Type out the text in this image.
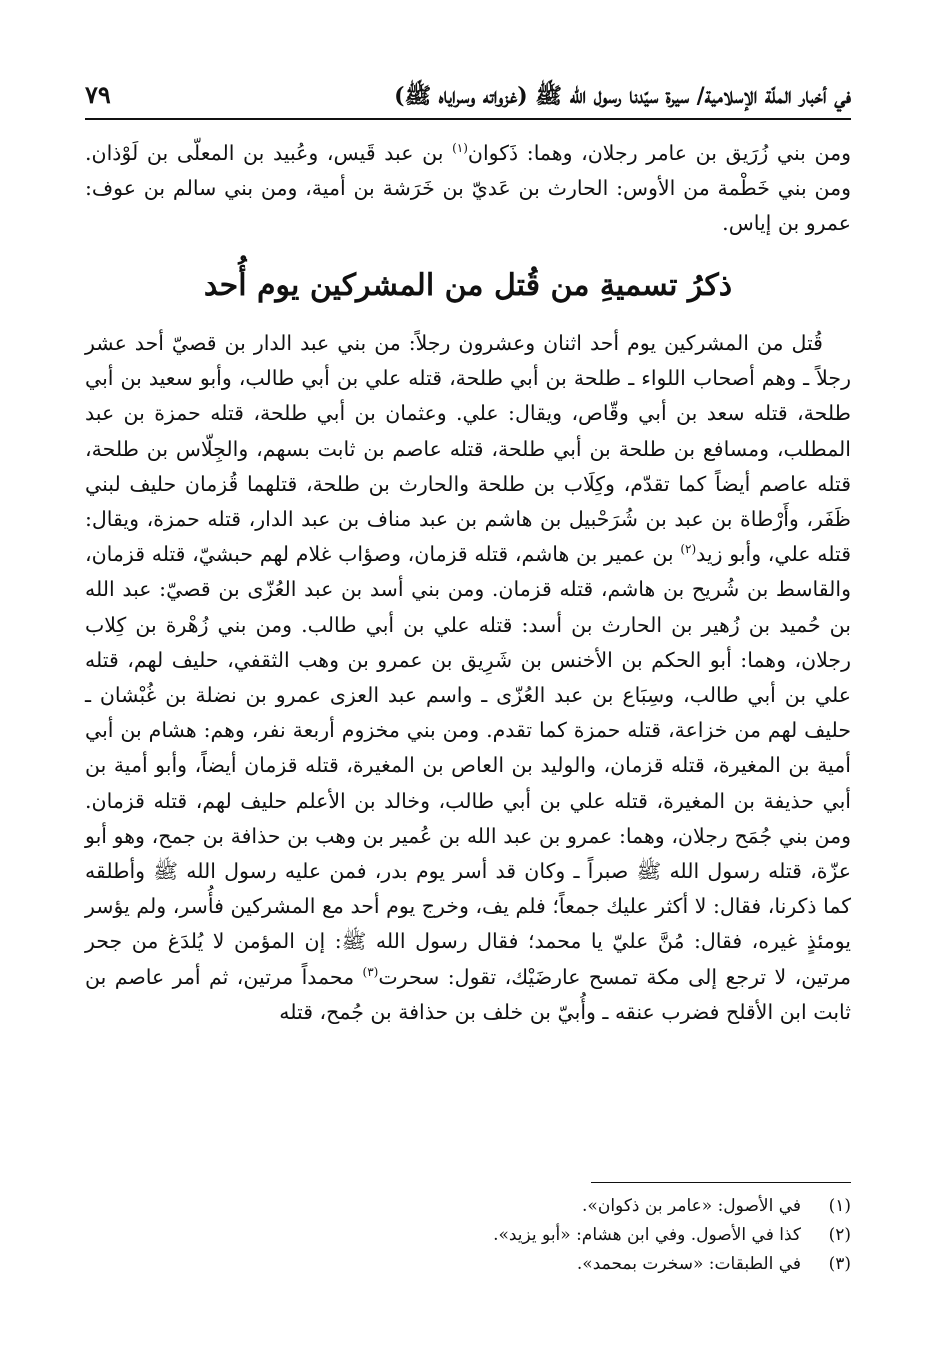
في أخبار الملّة الإسلامية/ سيرة سيّدنا رسول الله ﷺ (غزواته وسراياه ﷺ)
٧٩
ومن بني زُرَيق بن عامر رجلان، وهما: ذَكوان$^{(١)}$ بن عبد قَيس، وعُبيد بن المعلّى بن لَوْذان. ومن بني خَطْمة من الأوس: الحارث بن عَديّ بن خَرَشة بن أمية، ومن بني سالم بن عوف: عمرو بن إياس.
ذكرُ تسميةِ من قُتل من المشركين يوم أُحد
قُتل من المشركين يوم أحد اثنان وعشرون رجلاً: من بني عبد الدار بن قصيّ أحد عشر رجلاً ـ وهم أصحاب اللواء ـ طلحة بن أبي طلحة، قتله علي بن أبي طالب، وأبو سعيد بن أبي طلحة، قتله سعد بن أبي وقّاص، ويقال: علي. وعثمان بن أبي طلحة، قتله حمزة بن عبد المطلب، ومسافع بن طلحة بن أبي طلحة، قتله عاصم بن ثابت بسهم، والجِلّاس بن طلحة، قتله عاصم أيضاً كما تقدّم، وكِلَاب بن طلحة والحارث بن طلحة، قتلهما قُزمان حليف لبني ظَفَر، وأَرْطاة بن عبد بن شُرَحْبيل بن هاشم بن عبد مناف بن عبد الدار، قتله حمزة، ويقال: قتله علي، وأبو زيد$^{(٢)}$ بن عمير بن هاشم، قتله قزمان، وصؤاب غلام لهم حبشيّ، قتله قزمان، والقاسط بن شُريح بن هاشم، قتله قزمان. ومن بني أسد بن عبد العُزّى بن قصيّ: عبد الله بن حُميد بن زُهير بن الحارث بن أسد: قتله علي بن أبي طالب. ومن بني زُهْرة بن كِلاب رجلان، وهما: أبو الحكم بن الأخنس بن شَرِيق بن عمرو بن وهب الثقفي، حليف لهم، قتله علي بن أبي طالب، وسِبَاع بن عبد العُزّى ـ واسم عبد العزى عمرو بن نضلة بن غُبْشان ـ حليف لهم من خزاعة، قتله حمزة كما تقدم. ومن بني مخزوم أربعة نفر، وهم: هشام بن أبي أمية بن المغيرة، قتله قزمان، والوليد بن العاص بن المغيرة، قتله قزمان أيضاً، وأبو أمية بن أبي حذيفة بن المغيرة، قتله علي بن أبي طالب، وخالد بن الأعلم حليف لهم، قتله قزمان. ومن بني جُمَح رجلان، وهما: عمرو بن عبد الله بن عُمير بن وهب بن حذافة بن جمح، وهو أبو عزّة، قتله رسول الله ﷺ صبراً ـ وكان قد أسر يوم بدر، فمن عليه رسول الله ﷺ وأطلقه كما ذكرنا، فقال: لا أكثر عليك جمعاً؛ فلم يف، وخرج يوم أحد مع المشركين فأُسر، ولم يؤسر يومئذٍ غيره، فقال: مُنَّ عليّ يا محمد؛ فقال رسول الله ﷺ: إن المؤمن لا يُلدَغ من جحر مرتين، لا ترجع إلى مكة تمسح عارضَيْك، تقول: سحرت$^{(٣)}$ محمداً مرتين، ثم أمر عاصم بن ثابت ابن الأقلح فضرب عنقه ـ وأُبيّ بن خلف بن حذافة بن جُمح، قتله
(١)في الأصول: «عامر بن ذكوان».
(٢)كذا في الأصول. وفي ابن هشام: «أبو يزيد».
(٣)في الطبقات: «سخرت بمحمد».
